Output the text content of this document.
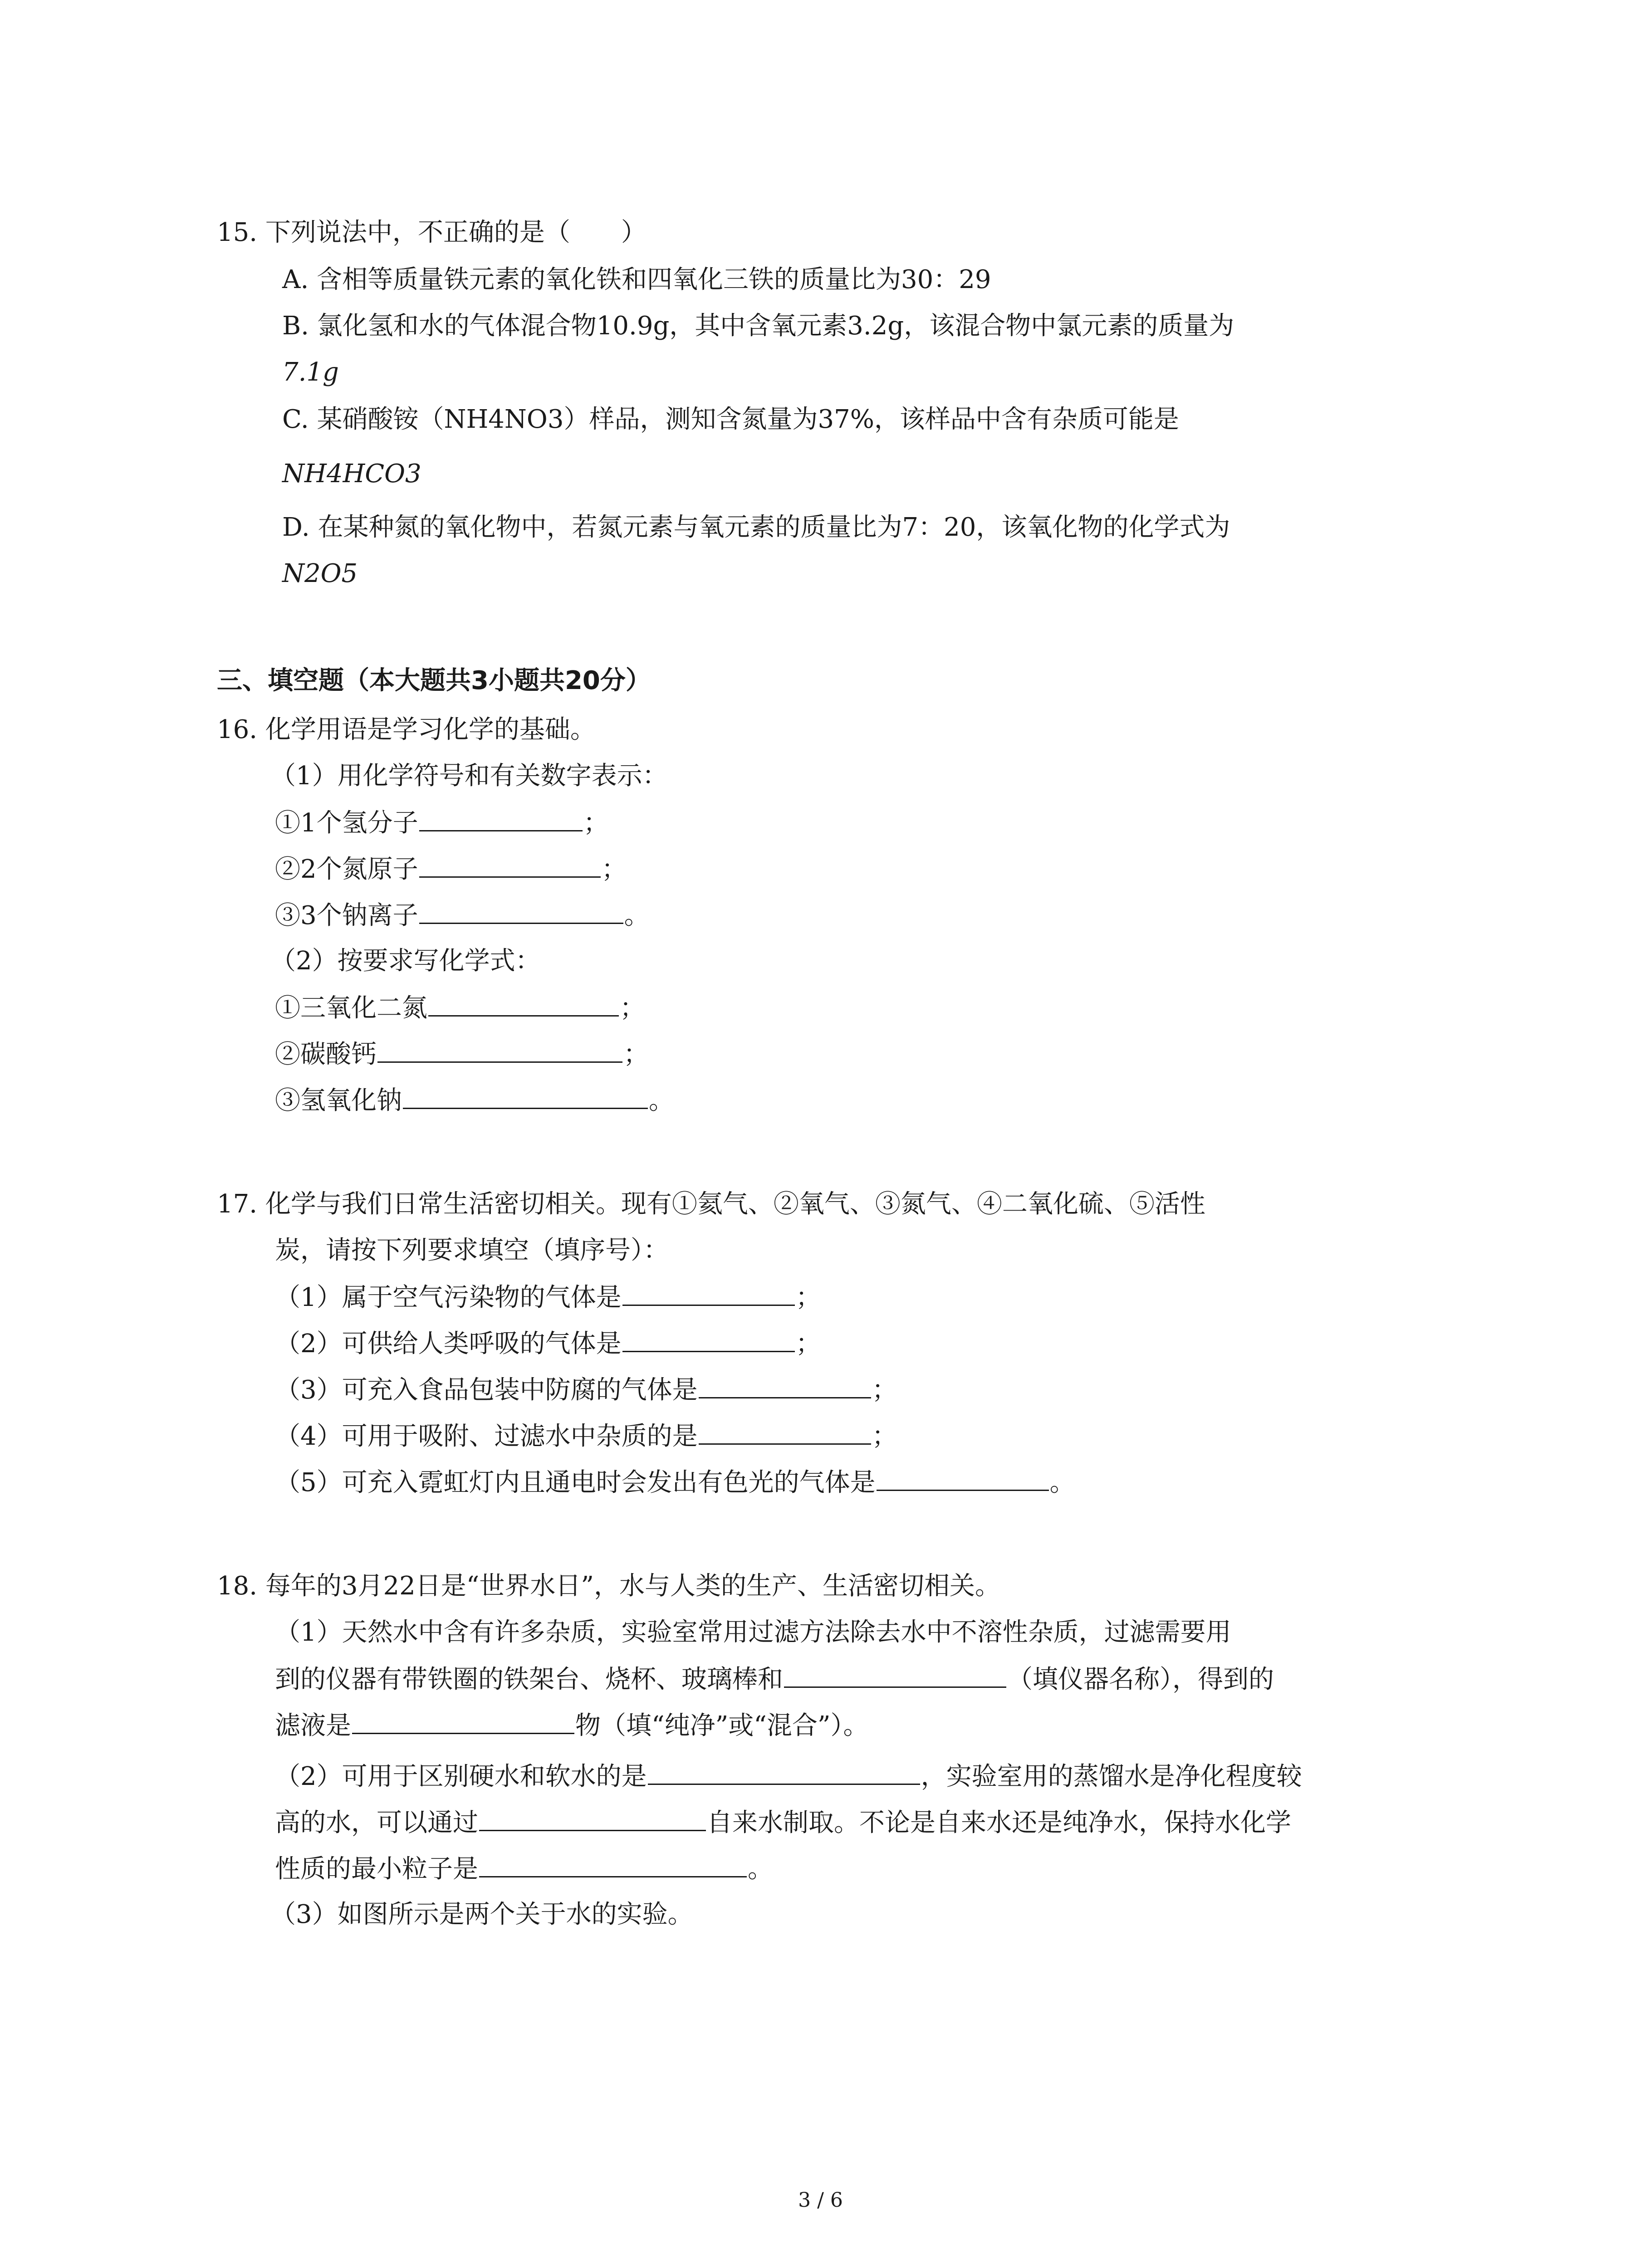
15. 下列说法中，不正确的是（　　）
A. 含相等质量铁元素的氧化铁和四氧化三铁的质量比为30：29
B. 氯化氢和水的气体混合物10.9g，其中含氧元素3.2g，该混合物中氯元素的质量为
7.1g
C. 某硝酸铵（NH4NO3）样品，测知含氮量为37%，该样品中含有杂质可能是
NH4HCO3
D. 在某种氮的氧化物中，若氮元素与氧元素的质量比为7：20，该氧化物的化学式为
N2O5
三、填空题（本大题共3小题共20分）
16. 化学用语是学习化学的基础。
（1）用化学符号和有关数字表示：
①1个氢分子	；
②2个氮原子	；
③3个钠离子	。
（2）按要求写化学式：
①三氧化二氮	；
②碳酸钙	；
③氢氧化钠	。
17. 化学与我们日常生活密切相关。现有①氦气、②氧气、③氮气、④二氧化硫、⑤活性
炭，请按下列要求填空（填序号）：
（1）属于空气污染物的气体是	；
（2）可供给人类呼吸的气体是	；
（3）可充入食品包装中防腐的气体是	；
（4）可用于吸附、过滤水中杂质的是	；
（5）可充入霓虹灯内且通电时会发出有色光的气体是	。
18. 每年的3月22日是“世界水日”，水与人类的生产、生活密切相关。
（1）天然水中含有许多杂质，实验室常用过滤方法除去水中不溶性杂质，过滤需要用
到的仪器有带铁圈的铁架台、烧杯、玻璃棒和	（填仪器名称），得到的
滤液是	物（填“纯净”或“混合”）。
（2）可用于区别硬水和软水的是	，实验室用的蒸馏水是净化程度较
高的水，可以通过	自来水制取。不论是自来水还是纯净水，保持水化学
性质的最小粒子是	。
（3）如图所示是两个关于水的实验。
3 / 6
